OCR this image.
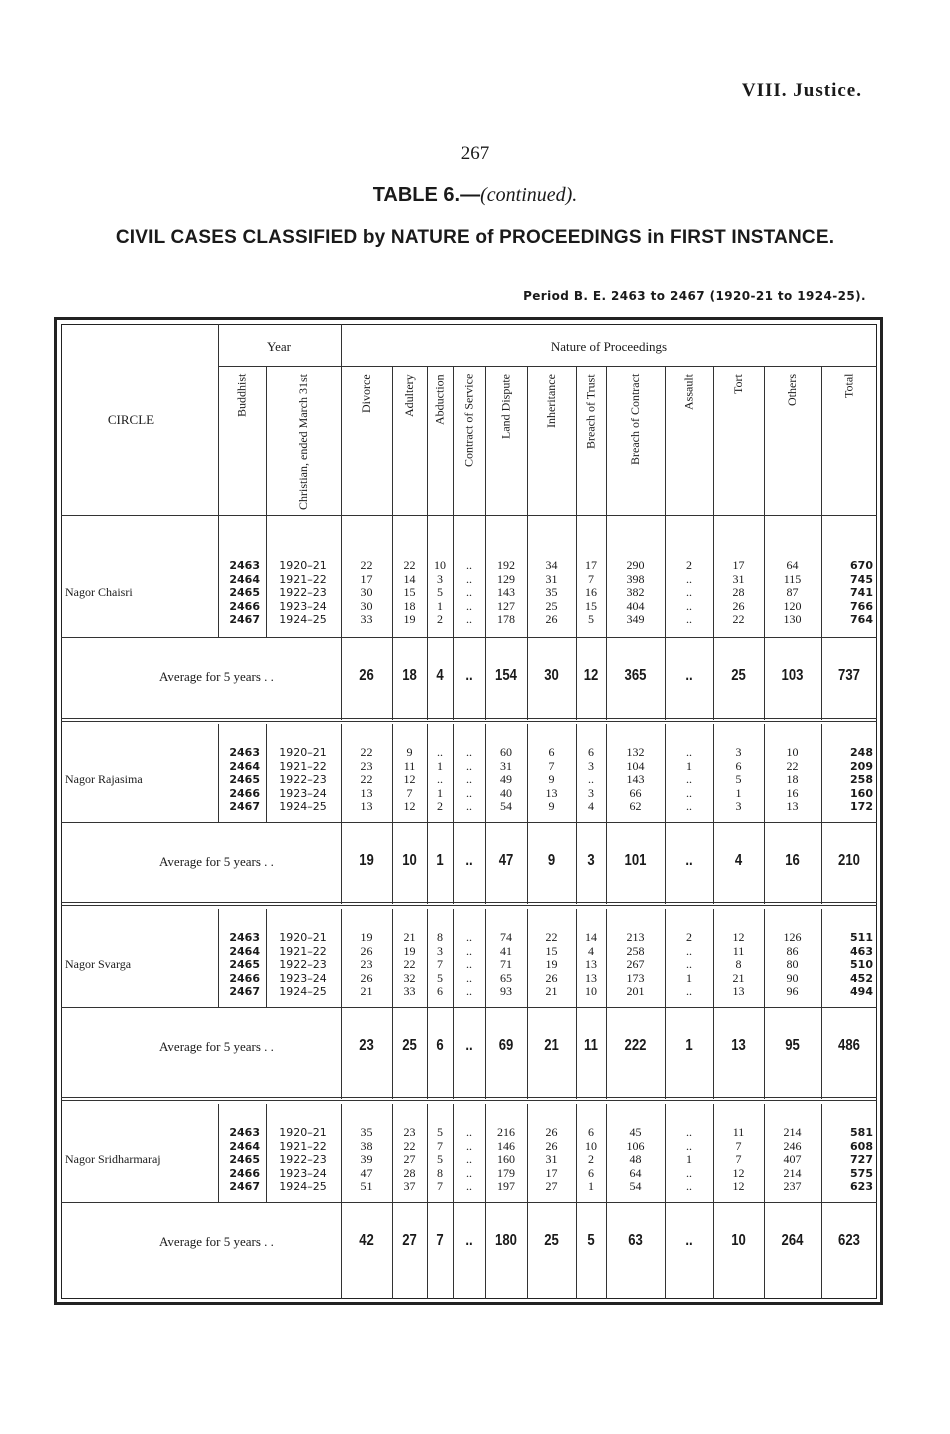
VIII. Justice.
267
TABLE 6.—(continued).
CIVIL CASES CLASSIFIED by NATURE of PROCEEDINGS in FIRST INSTANCE.
Period B. E. 2463 to 2467 (1920-21 to 1924-25).
CIRCLE
Year	Nature of Proceedings
Buddhist	Christian, ended March 31st	Divorce	Adultery	Abduction	Contract of Service	Land Dispute	Inheritance	Breach of Trust	Breach of Contract	Assault	Tort	Others	Total
Nagor Chaisri
2463	1920–21	22	22	10	..	192	34	17	290	2	17	64	670
2464	1921–22	17	14	3	..	129	31	7	398	..	31	115	745
2465	1922–23	30	15	5	..	143	35	16	382	..	28	87	741
2466	1923–24	30	18	1	..	127	25	15	404	..	26	120	766
2467	1924–25	33	19	2	..	178	26	5	349	..	22	130	764
Average for 5 years . .	26	18	4	..	154	30	12	365	..	25	103	737
Nagor Rajasima
2463	1920–21	22	9	..	..	60	6	6	132	..	3	10	248
2464	1921–22	23	11	1	..	31	7	3	104	1	6	22	209
2465	1922–23	22	12	..	..	49	9	..	143	..	5	18	258
2466	1923–24	13	7	1	..	40	13	3	66	..	1	16	160
2467	1924–25	13	12	2	..	54	9	4	62	..	3	13	172
Average for 5 years . .	19	10	1	..	47	9	3	101	..	4	16	210
Nagor Svarga
2463	1920–21	19	21	8	..	74	22	14	213	2	12	126	511
2464	1921–22	26	19	3	..	41	15	4	258	..	11	86	463
2465	1922–23	23	22	7	..	71	19	13	267	..	8	80	510
2466	1923–24	26	32	5	..	65	26	13	173	1	21	90	452
2467	1924–25	21	33	6	..	93	21	10	201	..	13	96	494
Average for 5 years . .	23	25	6	..	69	21	11	222	1	13	95	486
Nagor Sridharmaraj
2463	1920–21	35	23	5	..	216	26	6	45	..	11	214	581
2464	1921–22	38	22	7	..	146	26	10	106	..	7	246	608
2465	1922–23	39	27	5	..	160	31	2	48	1	7	407	727
2466	1923–24	47	28	8	..	179	17	6	64	..	12	214	575
2467	1924–25	51	37	7	..	197	27	1	54	..	12	237	623
Average for 5 years . .	42	27	7	..	180	25	5	63	..	10	264	623
